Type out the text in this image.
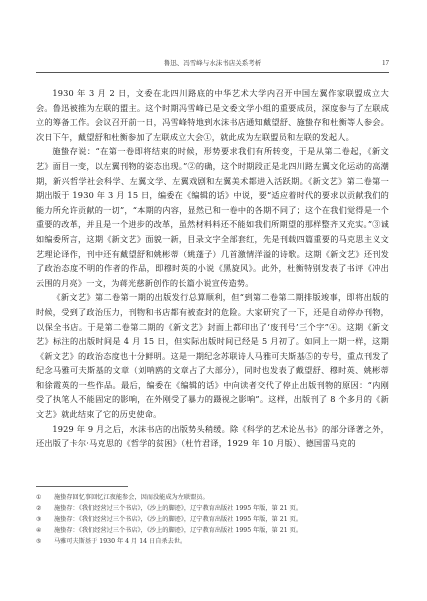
鲁迅、冯雪峰与水沫书店关系考析	17

1930 年 3 月 2 日，文委在北四川路底的中华艺术大学内召开中国左翼作家联盟成立大会。鲁迅被推为左联的盟主。这个时期冯雪峰已是文委文学小组的重要成员，深度参与了左联成立的筹备工作。会议召开前一日，冯雪峰特地到水沫书店通知戴望舒、施蛰存和杜衡等人参会。次日下午，戴望舒和杜衡参加了左联成立大会①，就此成为左联盟员和左联的发起人。

施蛰存说：“在第一卷即将结束的时候，形势要求我们有所转变，于是从第二卷起，《新文艺》面目一变，以左翼刊物的姿态出现。”②的确，这个时期段正是北四川路左翼文化运动的高潮期，新兴哲学社会科学、左翼文学、左翼戏剧和左翼美术都进入活跃期。《新文艺》第二卷第一期出版于 1930 年 3 月 15 日，编委在《编辑的话》中说，要“适应着时代的要求以贡献我们的能力所允许贡献的一切”，“本期的内容，显然已和一卷中的各期不同了；这个在我们觉得是一个重要的改革，并且是一个进步的改革，虽然材料料还不能如我们所期望的那样整齐又充实。”③诚如编委所言，这期《新文艺》面貌一新，目录文字全部套红，先是刊载四篇重要的马克思主义文艺理论译作，刊中还有戴望舒和姚彬蒂（姚蓬子）几首激情洋溢的诗歌。这期《新文艺》还刊发了政治态度不明的作者的作品，即穆时英的小说《黑旋风》。此外，杜衡特别发表了书评《冲出云围的月亮》一文，为蒋光慈新创作的长篇小说宣传造势。

《新文艺》第二卷第一期的出版发行总算顺利，但“到第二卷第二期排版竣事，即将出版的时候，受到了政治压力，刊物和书店都有被查封的危险。大家研究了一下，还是自动停办刊物，以保全书店。于是第二卷第二期的《新文艺》封面上都印出了‘废刊号’三个字”④。这期《新文艺》标注的出版时间是 4 月 15 日，但实际出版时间已经是 5 月初了。如同上一期一样，这期《新文艺》的政治态度也十分鲜明。这是一期纪念苏联诗人马雅可夫斯基⑤的专号，重点刊发了纪念马雅可夫斯基的文章（刘呐鸥的文章占了大部分），同时也发表了戴望舒、穆时英、姚彬蒂和徐霞英的一些作品。最后，编委在《编辑的话》中向读者交代了停止出版刊物的原因：“内刚受了执笔人不能固定的影响，在外刚受了暴力的蹑视之影响”。这样，出版刊了 8 个多月的《新文艺》就此结束了它的历史使命。

1929 年 9 月之后，水沫书店的出版势头稍缓。除《科学的艺术论丛书》的部分译著之外，还出版了卡尔·马克思的《哲学的贫困》（杜竹君译，1929 年 10 月版）、德国雷马克的

①	施蛰存回忆事回忆江夜能参会，因而没能成为左联盟员。
②	施蛰存：《我们经营过三个书店》，《沙上的脚迹》，辽宁教育出版社 1995 年版，第 21 页。
③	施蛰存：《我们经营过三个书店》，《沙上的脚迹》，辽宁教育出版社 1995 年版，第 21 页。
④	施蛰存：《我们经营过三个书店》，《沙上的脚迹》，辽宁教育出版社 1995 年版，第 21 页。
⑤	马雅可夫斯基于 1930 年 4 月 14 日自杀去世。
